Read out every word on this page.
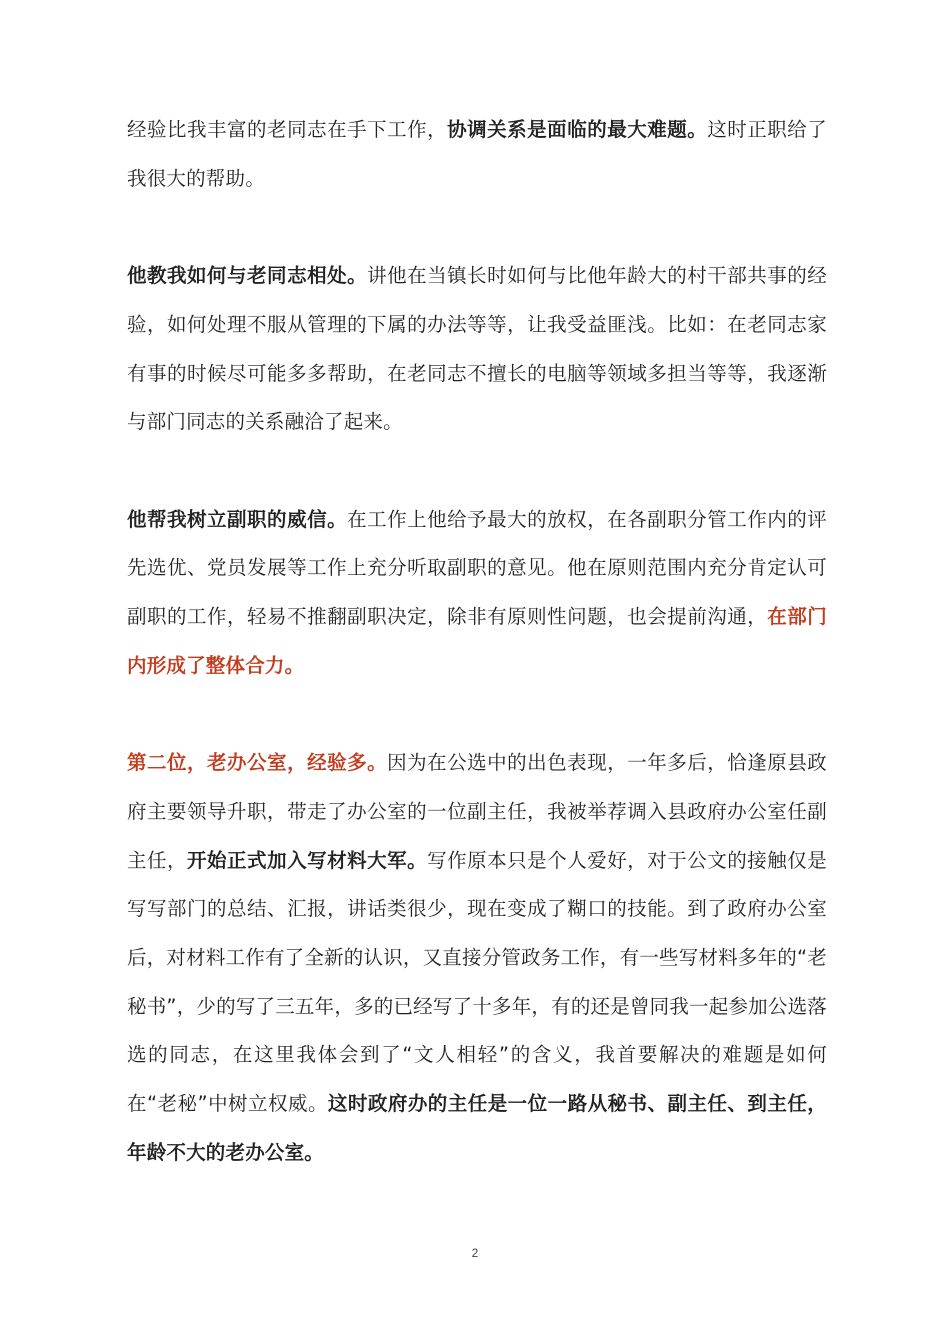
经验比我丰富的老同志在手下工作，协调关系是面临的最大难题。这时正职给了我很大的帮助。

他教我如何与老同志相处。讲他在当镇长时如何与比他年龄大的村干部共事的经验，如何处理不服从管理的下属的办法等等，让我受益匪浅。比如：在老同志家有事的时候尽可能多多帮助，在老同志不擅长的电脑等领域多担当等等，我逐渐与部门同志的关系融洽了起来。

他帮我树立副职的威信。在工作上他给予最大的放权，在各副职分管工作内的评先选优、党员发展等工作上充分听取副职的意见。他在原则范围内充分肯定认可副职的工作，轻易不推翻副职决定，除非有原则性问题，也会提前沟通，在部门内形成了整体合力。

第二位，老办公室，经验多。因为在公选中的出色表现，一年多后，恰逢原县政府主要领导升职，带走了办公室的一位副主任，我被举荐调入县政府办公室任副主任，开始正式加入写材料大军。写作原本只是个人爱好，对于公文的接触仅是写写部门的总结、汇报，讲话类很少，现在变成了糊口的技能。到了政府办公室后，对材料工作有了全新的认识，又直接分管政务工作，有一些写材料多年的“老秘书”，少的写了三五年，多的已经写了十多年，有的还是曾同我一起参加公选落选的同志，在这里我体会到了“文人相轻”的含义，我首要解决的难题是如何在“老秘”中树立权威。这时政府办的主任是一位一路从秘书、副主任、到主任，年龄不大的老办公室。

2
